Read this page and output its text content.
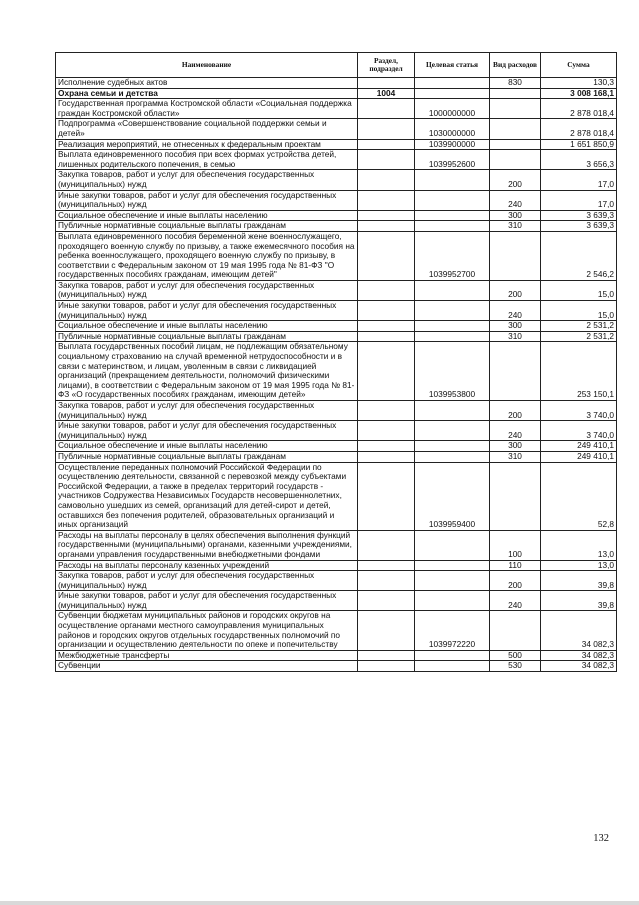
Наименование	Раздел, подраздел	Целевая статья	Вид расходов	Сумма
Исполнение судебных актов			830	130,3
Охрана семьи и детства	1004			3 008 168,1
Государственная программа Костромской области «Социальная поддержка граждан Костромской области»		1000000000		2 878 018,4
Подпрограмма «Совершенствование социальной поддержки семьи и детей»		1030000000		2 878 018,4
Реализация мероприятий, не отнесенных к федеральным проектам		1039900000		1 651 850,9
Выплата единовременного пособия при всех формах устройства детей, лишенных родительского попечения, в семью		1039952600		3 656,3
Закупка товаров, работ и услуг для обеспечения государственных (муниципальных) нужд			200	17,0
Иные закупки товаров, работ и услуг для обеспечения государственных (муниципальных) нужд			240	17,0
Социальное обеспечение и иные выплаты населению			300	3 639,3
Публичные нормативные социальные выплаты гражданам			310	3 639,3
Выплата единовременного пособия беременной жене военнослужащего, проходящего военную службу по призыву, а также ежемесячного пособия на ребенка военнослужащего, проходящего военную службу по призыву, в соответствии с Федеральным законом от 19 мая 1995 года № 81-ФЗ "О государственных пособиях гражданам, имеющим детей"		1039952700		2 546,2
Закупка товаров, работ и услуг для обеспечения государственных (муниципальных) нужд			200	15,0
Иные закупки товаров, работ и услуг для обеспечения государственных (муниципальных) нужд			240	15,0
Социальное обеспечение и иные выплаты населению			300	2 531,2
Публичные нормативные социальные выплаты гражданам			310	2 531,2
Выплата государственных пособий лицам, не подлежащим обязательному социальному страхованию на случай временной нетрудоспособности и в связи с материнством, и лицам, уволенным в связи с ликвидацией организаций (прекращением деятельности, полномочий физическими лицами), в соответствии с Федеральным законом от 19 мая 1995 года № 81-ФЗ «О государственных пособиях гражданам, имеющим детей»		1039953800		253 150,1
Закупка товаров, работ и услуг для обеспечения государственных (муниципальных) нужд			200	3 740,0
Иные закупки товаров, работ и услуг для обеспечения государственных (муниципальных) нужд			240	3 740,0
Социальное обеспечение и иные выплаты населению			300	249 410,1
Публичные нормативные социальные выплаты гражданам			310	249 410,1
Осуществление переданных полномочий Российской Федерации по осуществлению деятельности, связанной с перевозкой между субъектами Российской Федерации, а также в пределах территорий государств - участников Содружества Независимых Государств несовершеннолетних, самовольно ушедших из семей, организаций для детей-сирот и детей, оставшихся без попечения родителей, образовательных организаций и иных организаций		1039959400		52,8
Расходы на выплаты персоналу в целях обеспечения выполнения функций государственными (муниципальными) органами, казенными учреждениями, органами управления государственными внебюджетными фондами			100	13,0
Расходы на выплаты персоналу казенных учреждений			110	13,0
Закупка товаров, работ и услуг для обеспечения государственных (муниципальных) нужд			200	39,8
Иные закупки товаров, работ и услуг для обеспечения государственных (муниципальных) нужд			240	39,8
Субвенции бюджетам муниципальных районов и городских округов на осуществление органами местного самоуправления муниципальных районов и городских округов отдельных государственных полномочий по организации и осуществлению деятельности по опеке и попечительству		1039972220		34 082,3
Межбюджетные трансферты			500	34 082,3
Субвенции			530	34 082,3
132
